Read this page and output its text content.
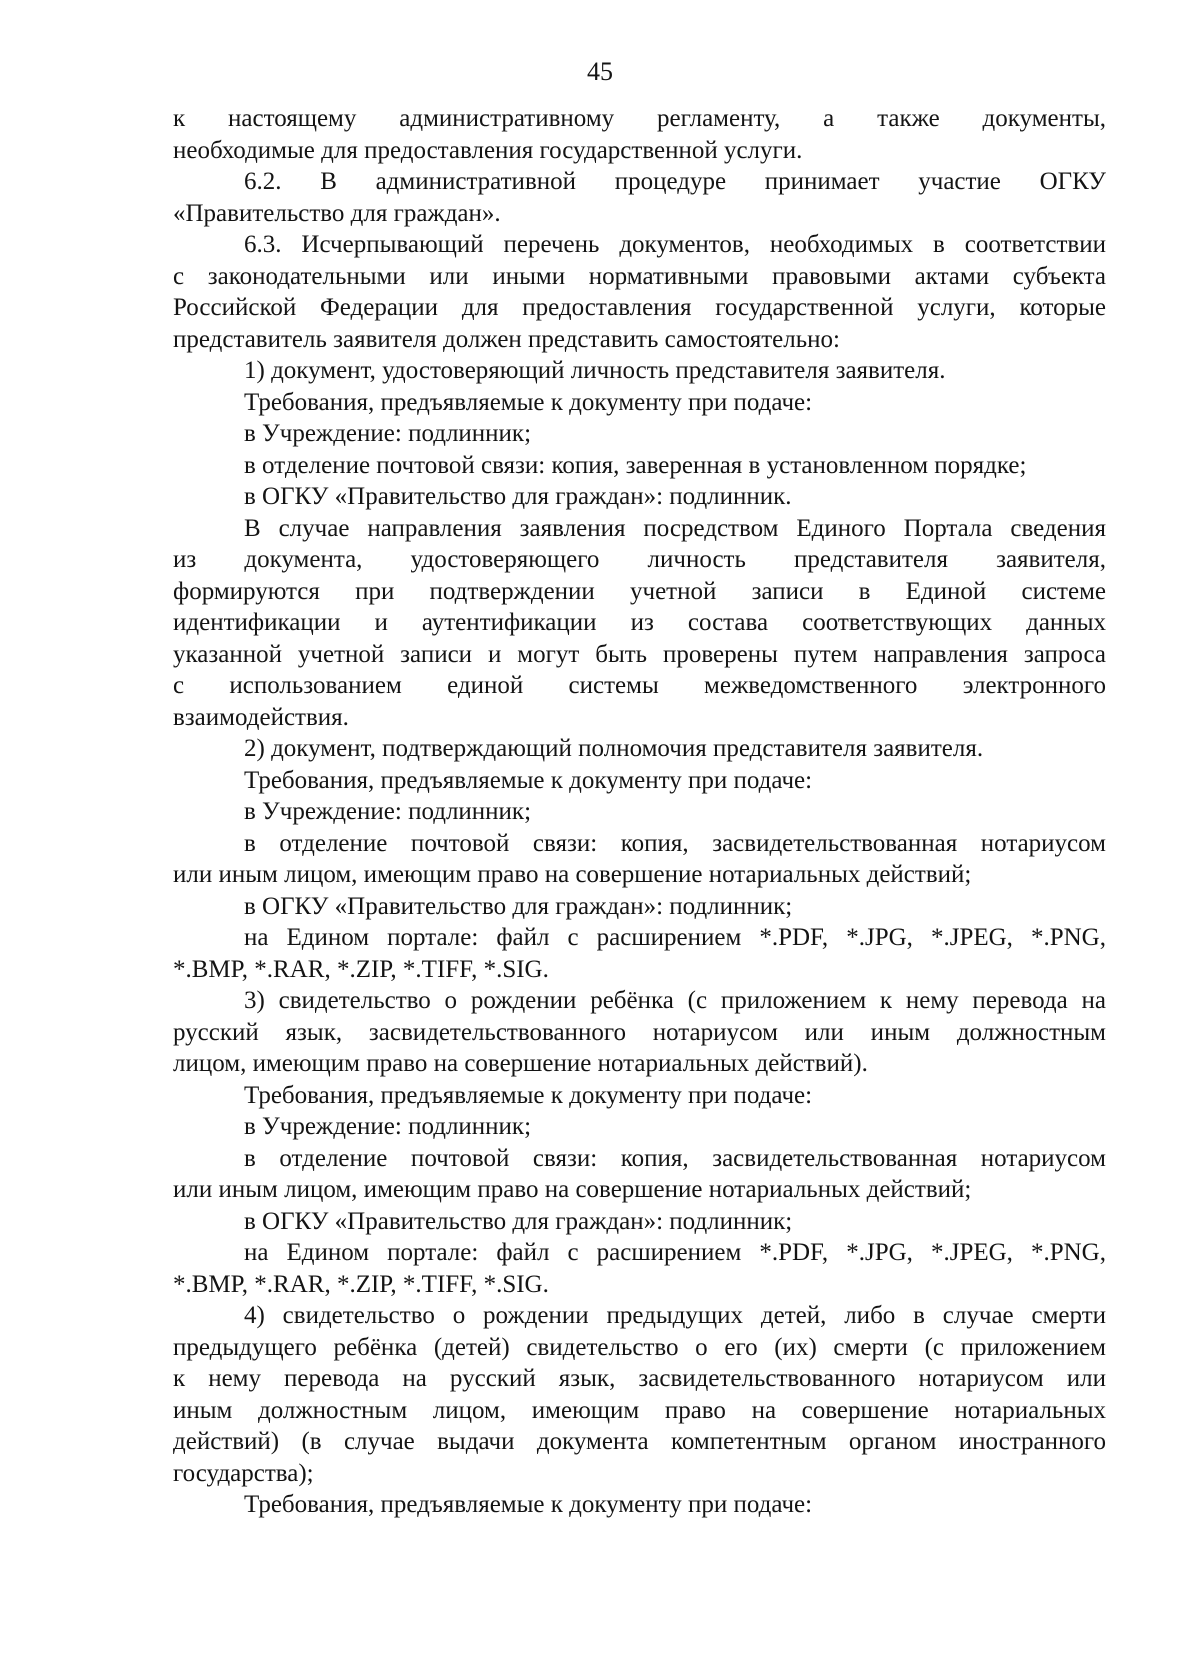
45

к настоящему административному регламенту, а также документы,
необходимые для предоставления государственной услуги.

6.2. В административной процедуре принимает участие ОГКУ
«Правительство для граждан».

6.3. Исчерпывающий перечень документов, необходимых в соответствии
с законодательными или иными нормативными правовыми актами субъекта
Российской Федерации для предоставления государственной услуги, которые
представитель заявителя должен представить самостоятельно:

1) документ, удостоверяющий личность представителя заявителя.

Требования, предъявляемые к документу при подаче:

в Учреждение: подлинник;

в отделение почтовой связи: копия, заверенная в установленном порядке;

в ОГКУ «Правительство для граждан»: подлинник.

В случае направления заявления посредством Единого Портала сведения
из документа, удостоверяющего личность представителя заявителя,
формируются при подтверждении учетной записи в Единой системе
идентификации и аутентификации из состава соответствующих данных
указанной учетной записи и могут быть проверены путем направления запроса
с использованием единой системы межведомственного электронного
взаимодействия.

2) документ, подтверждающий полномочия представителя заявителя.

Требования, предъявляемые к документу при подаче:

в Учреждение: подлинник;

в отделение почтовой связи: копия, засвидетельствованная нотариусом
или иным лицом, имеющим право на совершение нотариальных действий;

в ОГКУ «Правительство для граждан»: подлинник;

на Едином портале: файл с расширением *.PDF, *.JPG, *.JPEG, *.PNG,
*.BMP, *.RAR, *.ZIP, *.TIFF, *.SIG.

3) свидетельство о рождении ребёнка (с приложением к нему перевода на
русский язык, засвидетельствованного нотариусом или иным должностным
лицом, имеющим право на совершение нотариальных действий).

Требования, предъявляемые к документу при подаче:

в Учреждение: подлинник;

в отделение почтовой связи: копия, засвидетельствованная нотариусом
или иным лицом, имеющим право на совершение нотариальных действий;

в ОГКУ «Правительство для граждан»: подлинник;

на Едином портале: файл с расширением *.PDF, *.JPG, *.JPEG, *.PNG,
*.BMP, *.RAR, *.ZIP, *.TIFF, *.SIG.

4) свидетельство о рождении предыдущих детей, либо в случае смерти
предыдущего ребёнка (детей) свидетельство о его (их) смерти (с приложением
к нему перевода на русский язык, засвидетельствованного нотариусом или
иным должностным лицом, имеющим право на совершение нотариальных
действий) (в случае выдачи документа компетентным органом иностранного
государства);

Требования, предъявляемые к документу при подаче:
